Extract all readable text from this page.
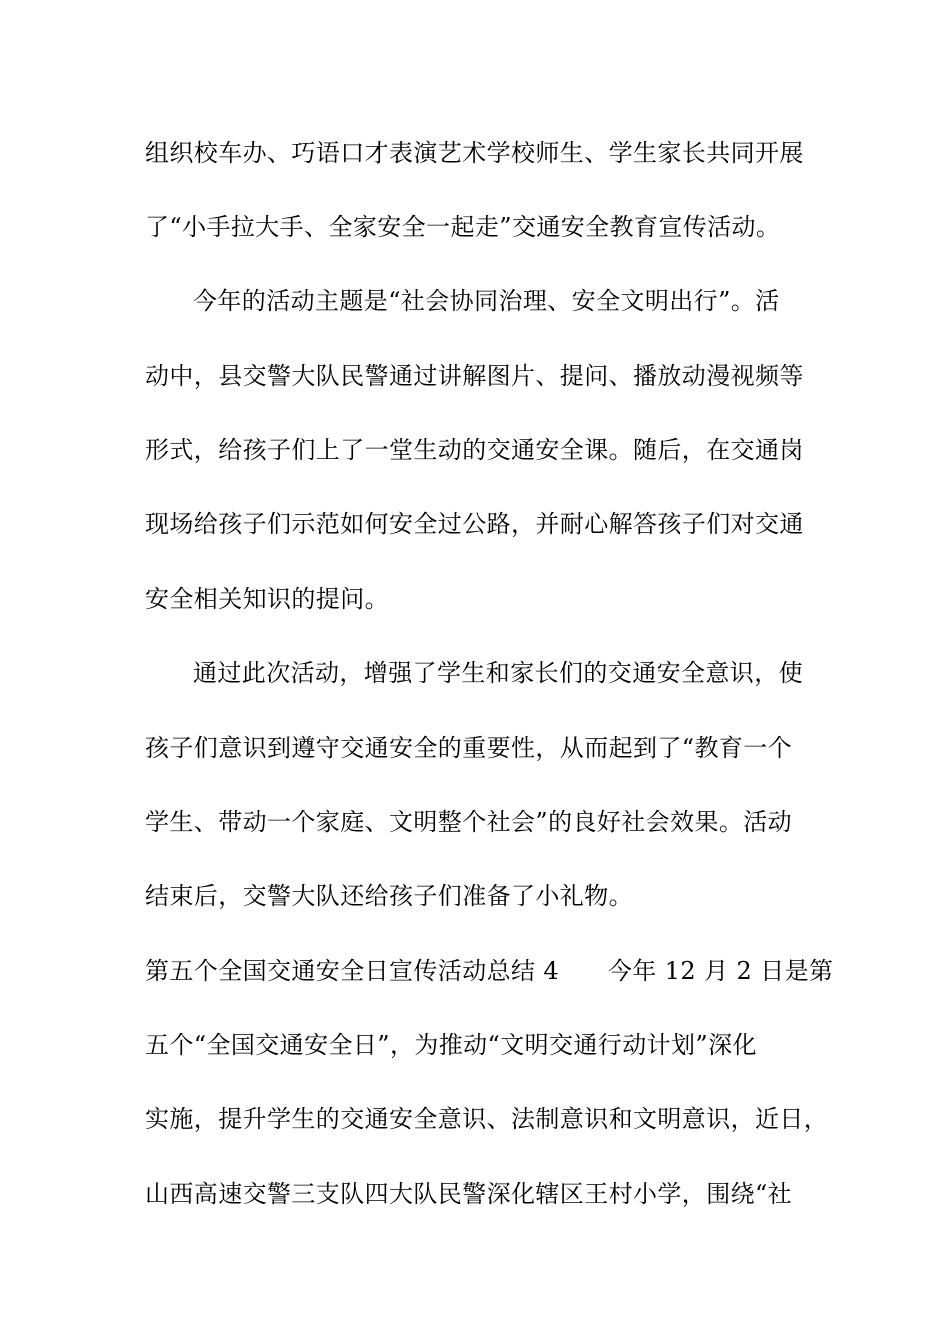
组织校车办、巧语口才表演艺术学校师生、学生家长共同开展
了“小手拉大手、全家安全一起走”交通安全教育宣传活动。
今年的活动主题是“社会协同治理、安全文明出行”。活
动中，县交警大队民警通过讲解图片、提问、播放动漫视频等
形式，给孩子们上了一堂生动的交通安全课。随后，在交通岗
现场给孩子们示范如何安全过公路，并耐心解答孩子们对交通
安全相关知识的提问。
通过此次活动，增强了学生和家长们的交通安全意识，使
孩子们意识到遵守交通安全的重要性，从而起到了“教育一个
学生、带动一个家庭、文明整个社会”的良好社会效果。活动
结束后，交警大队还给孩子们准备了小礼物。
第五个全国交通安全日宣传活动总结 4　　今年 12 月 2 日是第
五个“全国交通安全日”，为推动“文明交通行动计划”深化
实施，提升学生的交通安全意识、法制意识和文明意识，近日，
山西高速交警三支队四大队民警深化辖区王村小学，围绕“社
